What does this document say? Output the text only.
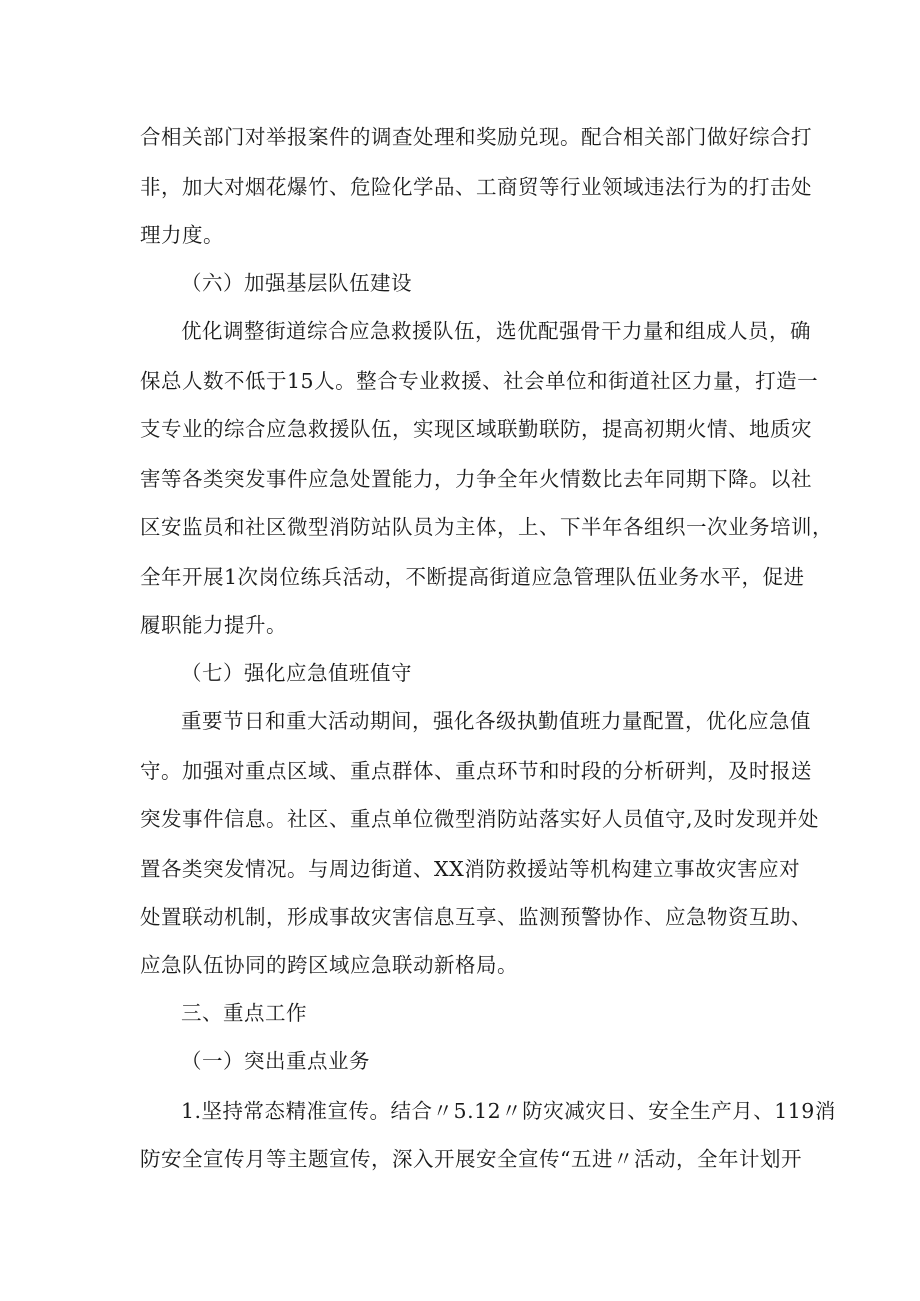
合相关部门对举报案件的调查处理和奖励兑现。配合相关部门做好综合打
非，加大对烟花爆竹、危险化学品、工商贸等行业领域违法行为的打击处
理力度。
（六）加强基层队伍建设
优化调整街道综合应急救援队伍，选优配强骨干力量和组成人员，确
保总人数不低于15人。整合专业救援、社会单位和街道社区力量，打造一
支专业的综合应急救援队伍，实现区域联勤联防，提高初期火情、地质灾
害等各类突发事件应急处置能力，力争全年火情数比去年同期下降。以社
区安监员和社区微型消防站队员为主体，上、下半年各组织一次业务培训，
全年开展1次岗位练兵活动，不断提高街道应急管理队伍业务水平，促进
履职能力提升。
（七）强化应急值班值守
重要节日和重大活动期间，强化各级执勤值班力量配置，优化应急值
守。加强对重点区域、重点群体、重点环节和时段的分析研判，及时报送
突发事件信息。社区、重点单位微型消防站落实好人员值守,及时发现并处
置各类突发情况。与周边街道、XX消防救援站等机构建立事故灾害应对
处置联动机制，形成事故灾害信息互享、监测预警协作、应急物资互助、
应急队伍协同的跨区域应急联动新格局。
三、重点工作
（一）突出重点业务
1.坚持常态精准宣传。结合〃5.12〃防灾减灾日、安全生产月、119消
防安全宣传月等主题宣传，深入开展安全宣传“五进〃活动，全年计划开
